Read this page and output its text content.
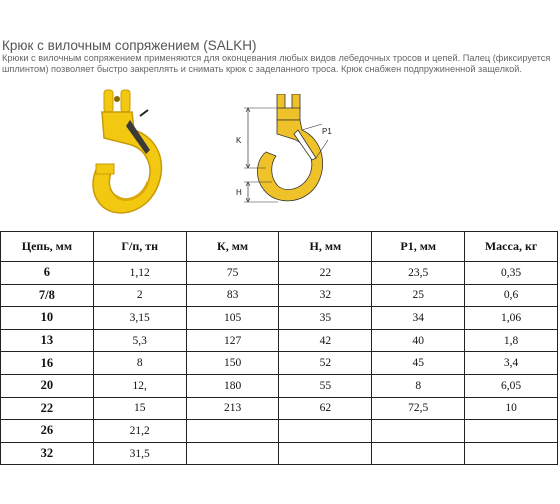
Крюк с вилочным сопряжением (SALKH)
Крюки с вилочным сопряжением применяются для оконцевания любых видов лебедочных тросов и цепей. Палец (фиксируется шплинтом) позволяет быстро закреплять и снимать крюк с заделанного троса. Крюк снабжен подпружиненной защелкой.
K
H
P1
Цепь, мм	Г/п, тн	К, мм	H, мм	P1, мм	Масса, кг
6	1,12	75	22	23,5	0,35
7/8	2	83	32	25	0,6
10	3,15	105	35	34	1,06
13	5,3	127	42	40	1,8
16	8	150	52	45	3,4
20	12,	180	55	8	6,05
22	15	213	62	72,5	10
26	21,2				
32	31,5				
